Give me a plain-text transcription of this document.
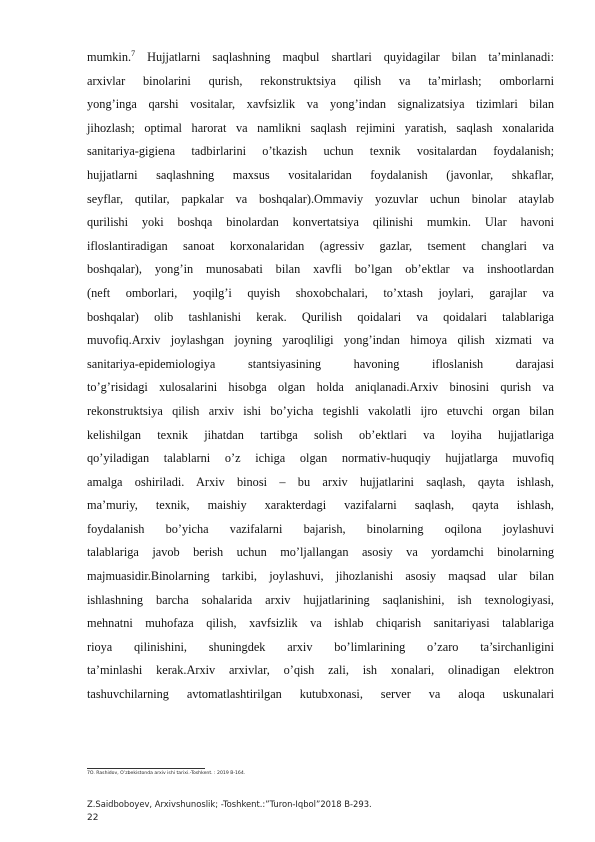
mumkin.$^7$ Hujjatlarni saqlashning maqbul shartlari quyidagilar bilan ta’minlanadi:
arxivlar binolarini qurish, rekonstruktsiya qilish va ta’mirlash; omborlarni
yong’inga qarshi vositalar, xavfsizlik va yong’indan signalizatsiya tizimlari bilan
jihozlash; optimal harorat va namlikni saqlash rejimini yaratish, saqlash xonalarida
sanitariya-gigiena tadbirlarini o’tkazish uchun texnik vositalardan foydalanish;
hujjatlarni saqlashning maxsus vositalaridan foydalanish (javonlar, shkaflar,
seyflar, qutilar, papkalar va boshqalar).Ommaviy yozuvlar uchun binolar ataylab
qurilishi yoki boshqa binolardan konvertatsiya qilinishi mumkin. Ular havoni
ifloslantiradigan sanoat korxonalaridan (agressiv gazlar, tsement changlari va
boshqalar), yong’in munosabati bilan xavfli bo’lgan ob’ektlar va inshootlardan
(neft omborlari, yoqilg’i quyish shoxobchalari, to’xtash joylari, garajlar va
boshqalar) olib tashlanishi kerak. Qurilish qoidalari va qoidalari talablariga
muvofiq.Arxiv joylashgan joyning yaroqliligi yong’indan himoya qilish xizmati va
sanitariya-epidemiologiya stantsiyasining havoning ifloslanish darajasi
to’g’risidagi xulosalarini hisobga olgan holda aniqlanadi.Arxiv binosini qurish va
rekonstruktsiya qilish arxiv ishi bo’yicha tegishli vakolatli ijro etuvchi organ bilan
kelishilgan texnik jihatdan tartibga solish ob’ektlari va loyiha hujjatlariga
qo’yiladigan talablarni o’z ichiga olgan normativ-huquqiy hujjatlarga muvofiq
amalga oshiriladi. Arxiv binosi – bu arxiv hujjatlarini saqlash, qayta ishlash,
ma’muriy, texnik, maishiy xarakterdagi vazifalarni saqlash, qayta ishlash,
foydalanish bo’yicha vazifalarni bajarish, binolarning oqilona joylashuvi
talablariga javob berish uchun mo’ljallangan asosiy va yordamchi binolarning
majmuasidir.Binolarning tarkibi, joylashuvi, jihozlanishi asosiy maqsad ular bilan
ishlashning barcha sohalarida arxiv hujjatlarining saqlanishini, ish texnologiyasi,
mehnatni muhofaza qilish, xavfsizlik va ishlab chiqarish sanitariyasi talablariga
rioya qilinishini, shuningdek arxiv bo’limlarining o’zaro ta’sirchanligini
ta’minlashi kerak.Arxiv arxivlar, o’qish zali, ish xonalari, olinadigan elektron
tashuvchilarning avtomatlashtirilgan kutubxonasi, server va aloqa uskunalari
7O. Rashidov, O’zbekistonda arxiv ishi tarixi.-Toshkent. : 2019 B-164.
Z.Saidboboyev, Arxivshunoslik; -Toshkent.:”Turon-Iqbol”2018 B-293.
22
